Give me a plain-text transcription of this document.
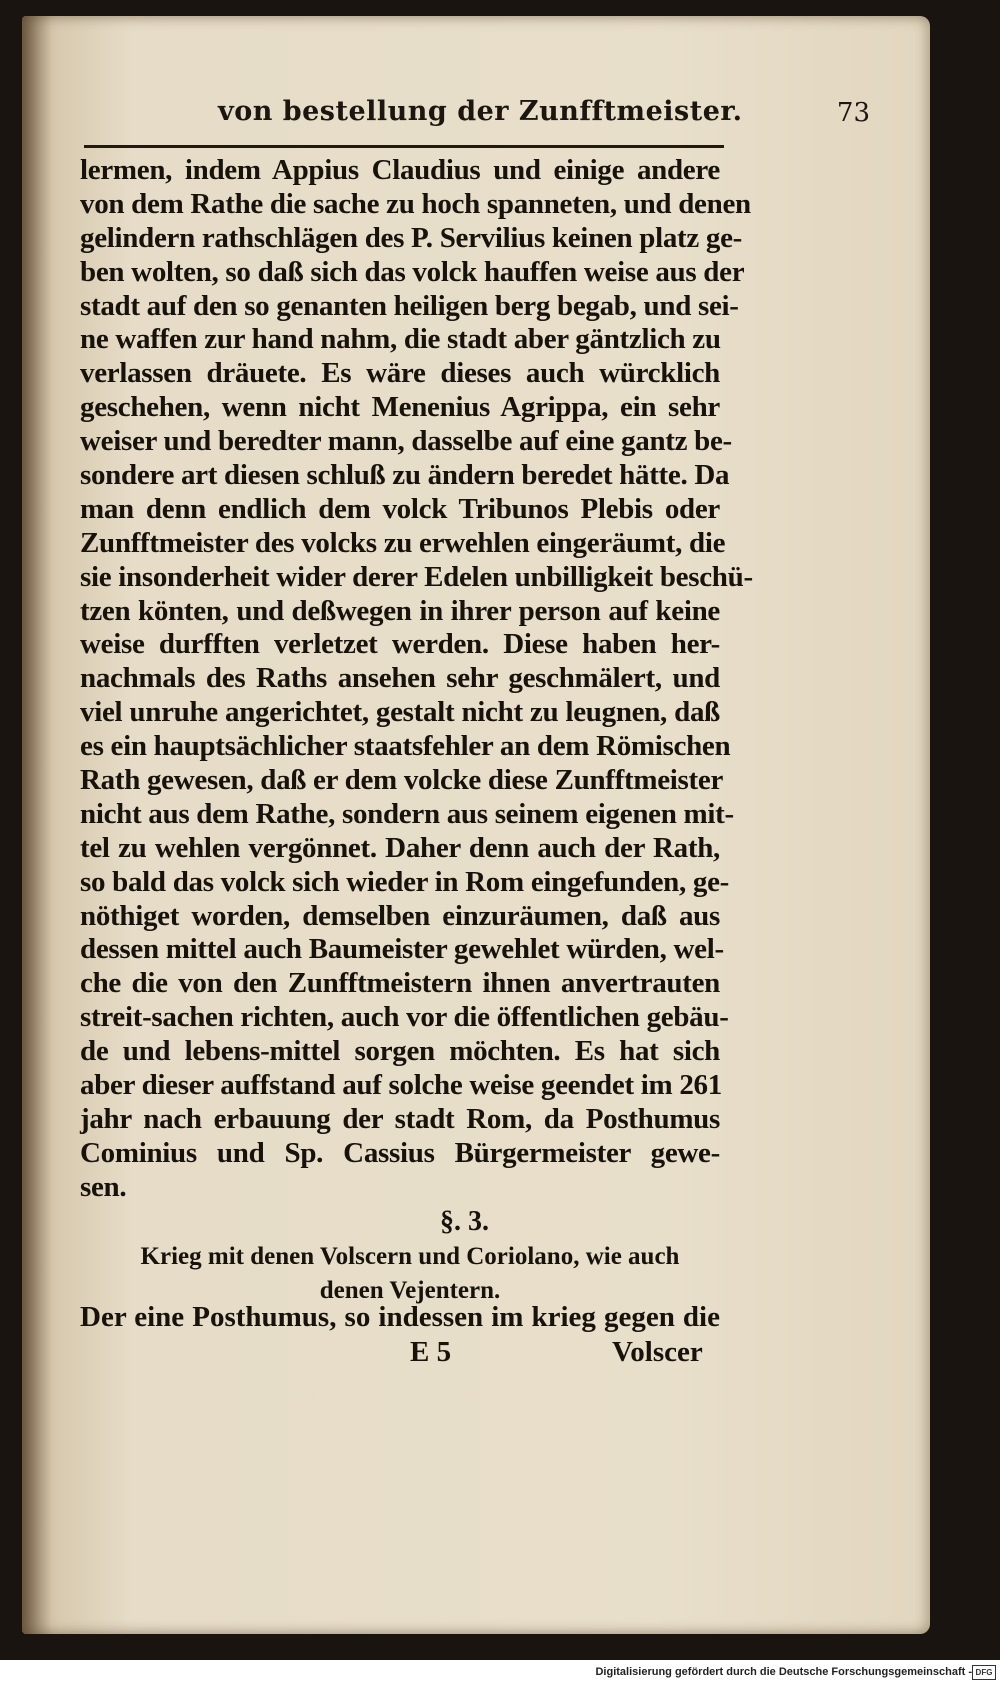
von bestellung der Zunfftmeister.	73
lermen, indem Appius Claudius und einige andere
von dem Rathe die sache zu hoch spanneten, und denen
gelindern rathschlägen des P. Servilius keinen platz ge-
ben wolten, so daß sich das volck hauffen weise aus der
stadt auf den so genanten heiligen berg begab, und sei-
ne waffen zur hand nahm, die stadt aber gäntzlich zu
verlassen dräuete. Es wäre dieses auch würcklich
geschehen, wenn nicht Menenius Agrippa, ein sehr
weiser und beredter mann, dasselbe auf eine gantz be-
sondere art diesen schluß zu ändern beredet hätte. Da
man denn endlich dem volck Tribunos Plebis oder
Zunfftmeister des volcks zu erwehlen eingeräumt, die
sie insonderheit wider derer Edelen unbilligkeit beschü-
tzen könten, und deßwegen in ihrer person auf keine
weise durfften verletzet werden. Diese haben her-
nachmals des Raths ansehen sehr geschmälert, und
viel unruhe angerichtet, gestalt nicht zu leugnen, daß
es ein hauptsächlicher staatsfehler an dem Römischen
Rath gewesen, daß er dem volcke diese Zunfftmeister
nicht aus dem Rathe, sondern aus seinem eigenen mit-
tel zu wehlen vergönnet. Daher denn auch der Rath,
so bald das volck sich wieder in Rom eingefunden, ge-
nöthiget worden, demselben einzuräumen, daß aus
dessen mittel auch Baumeister gewehlet würden, wel-
che die von den Zunfftmeistern ihnen anvertrauten
streit-sachen richten, auch vor die öffentlichen gebäu-
de und lebens-mittel sorgen möchten. Es hat sich
aber dieser auffstand auf solche weise geendet im 261
jahr nach erbauung der stadt Rom, da Posthumus
Cominius und Sp. Cassius Bürgermeister gewe-
sen.
§. 3.
Krieg mit denen Volscern und Coriolano, wie auch
denen Vejentern.
Der eine Posthumus, so indessen im krieg gegen die
E 5	Volscer
Digitalisierung gefördert durch die Deutsche Forschungsgemeinschaft - DFG
